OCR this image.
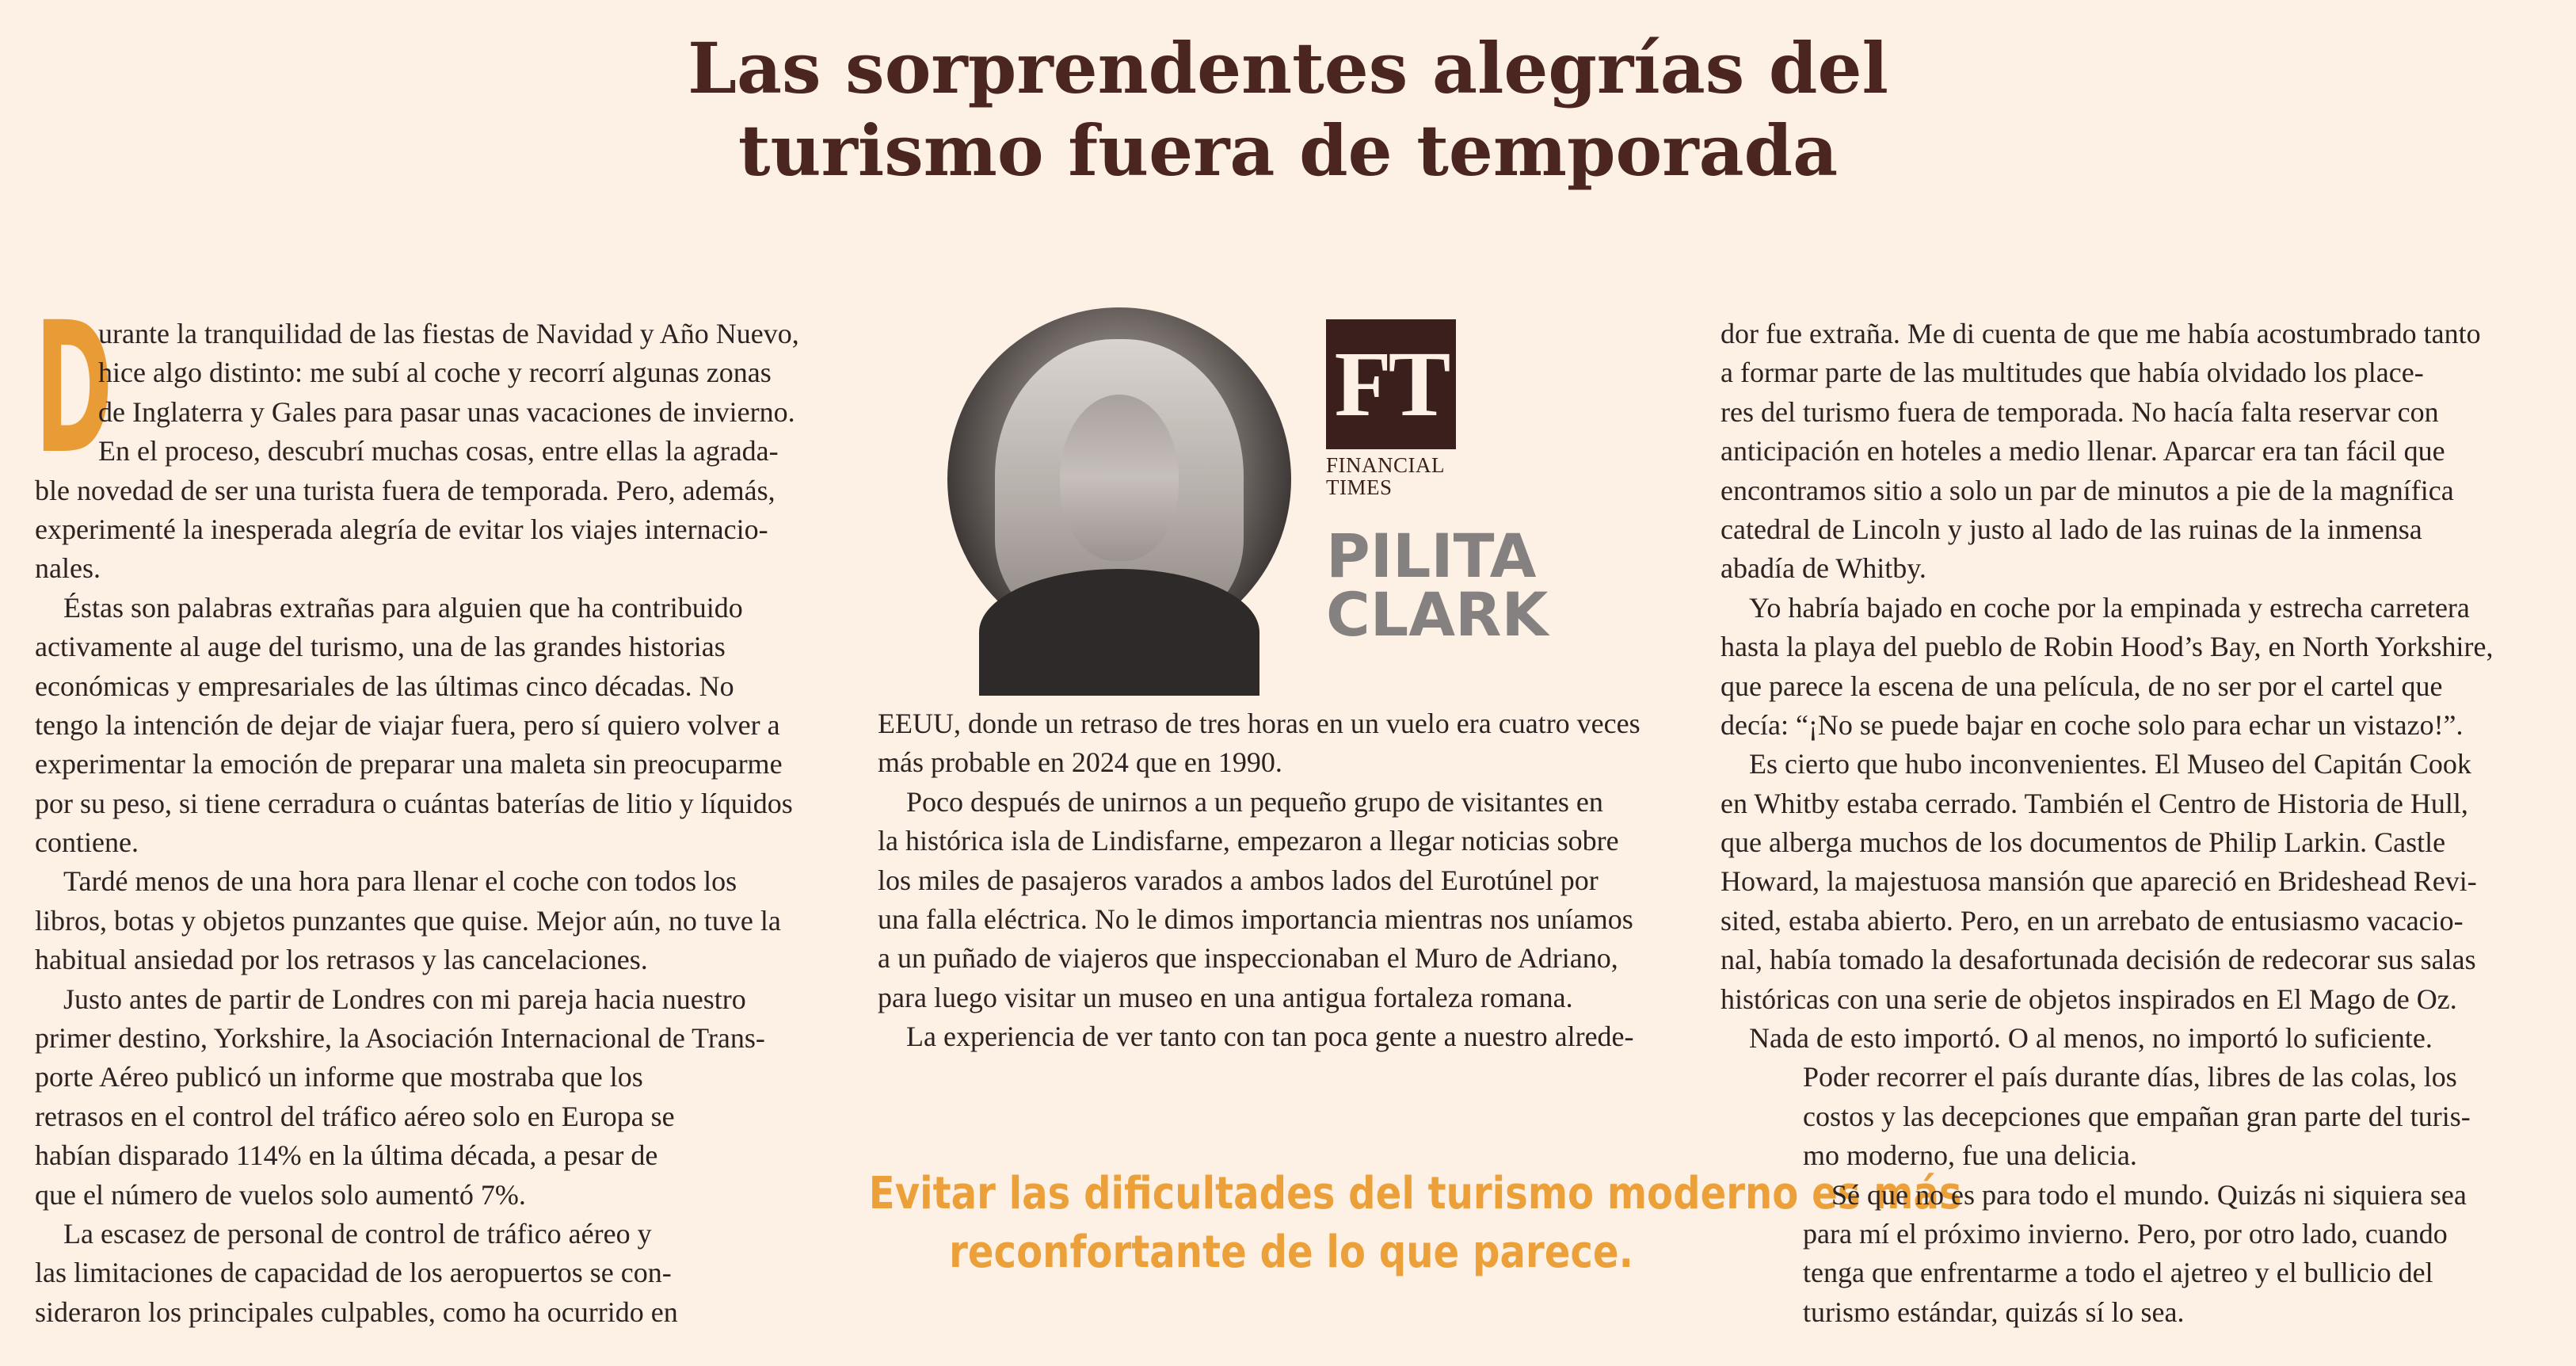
Las sorprendentes alegrías del
turismo fuera de temporada
D
urante la tranquilidad de las fiestas de Navidad y Año Nuevo,
hice algo distinto: me subí al coche y recorrí algunas zonas
de Inglaterra y Gales para pasar unas vacaciones de invierno.
En el proceso, descubrí muchas cosas, entre ellas la agrada-
ble novedad de ser una turista fuera de temporada. Pero, además,
experimenté la inesperada alegría de evitar los viajes internacio-
nales.
Éstas son palabras extrañas para alguien que ha contribuido
activamente al auge del turismo, una de las grandes historias
económicas y empresariales de las últimas cinco décadas. No
tengo la intención de dejar de viajar fuera, pero sí quiero volver a
experimentar la emoción de preparar una maleta sin preocuparme
por su peso, si tiene cerradura o cuántas baterías de litio y líquidos
contiene.
Tardé menos de una hora para llenar el coche con todos los
libros, botas y objetos punzantes que quise. Mejor aún, no tuve la
habitual ansiedad por los retrasos y las cancelaciones.
Justo antes de partir de Londres con mi pareja hacia nuestro
primer destino, Yorkshire, la Asociación Internacional de Trans-
porte Aéreo publicó un informe que mostraba que los
retrasos en el control del tráfico aéreo solo en Europa se
habían disparado 114% en la última década, a pesar de
que el número de vuelos solo aumentó 7%.
La escasez de personal de control de tráfico aéreo y
las limitaciones de capacidad de los aeropuertos se con-
sideraron los principales culpables, como ha ocurrido en
FT
FINANCIAL
TIMES
PILITA
CLARK
EEUU, donde un retraso de tres horas en un vuelo era cuatro veces
más probable en 2024 que en 1990.
Poco después de unirnos a un pequeño grupo de visitantes en
la histórica isla de Lindisfarne, empezaron a llegar noticias sobre
los miles de pasajeros varados a ambos lados del Eurotúnel por
una falla eléctrica. No le dimos importancia mientras nos uníamos
a un puñado de viajeros que inspeccionaban el Muro de Adriano,
para luego visitar un museo en una antigua fortaleza romana.
La experiencia de ver tanto con tan poca gente a nuestro alrede-
Evitar las dificultades del turismo moderno es más
reconfortante de lo que parece.
dor fue extraña. Me di cuenta de que me había acostumbrado tanto
a formar parte de las multitudes que había olvidado los place-
res del turismo fuera de temporada. No hacía falta reservar con
anticipación en hoteles a medio llenar. Aparcar era tan fácil que
encontramos sitio a solo un par de minutos a pie de la magnífica
catedral de Lincoln y justo al lado de las ruinas de la inmensa
abadía de Whitby.
Yo habría bajado en coche por la empinada y estrecha carretera
hasta la playa del pueblo de Robin Hood’s Bay, en North Yorkshire,
que parece la escena de una película, de no ser por el cartel que
decía: “¡No se puede bajar en coche solo para echar un vistazo!”.
Es cierto que hubo inconvenientes. El Museo del Capitán Cook
en Whitby estaba cerrado. También el Centro de Historia de Hull,
que alberga muchos de los documentos de Philip Larkin. Castle
Howard, la majestuosa mansión que apareció en Brideshead Revi-
sited, estaba abierto. Pero, en un arrebato de entusiasmo vacacio-
nal, había tomado la desafortunada decisión de redecorar sus salas
históricas con una serie de objetos inspirados en El Mago de Oz.
Nada de esto importó. O al menos, no importó lo suficiente.
Poder recorrer el país durante días, libres de las colas, los
costos y las decepciones que empañan gran parte del turis-
mo moderno, fue una delicia.
Sé que no es para todo el mundo. Quizás ni siquiera sea
para mí el próximo invierno. Pero, por otro lado, cuando
tenga que enfrentarme a todo el ajetreo y el bullicio del
turismo estándar, quizás sí lo sea.
